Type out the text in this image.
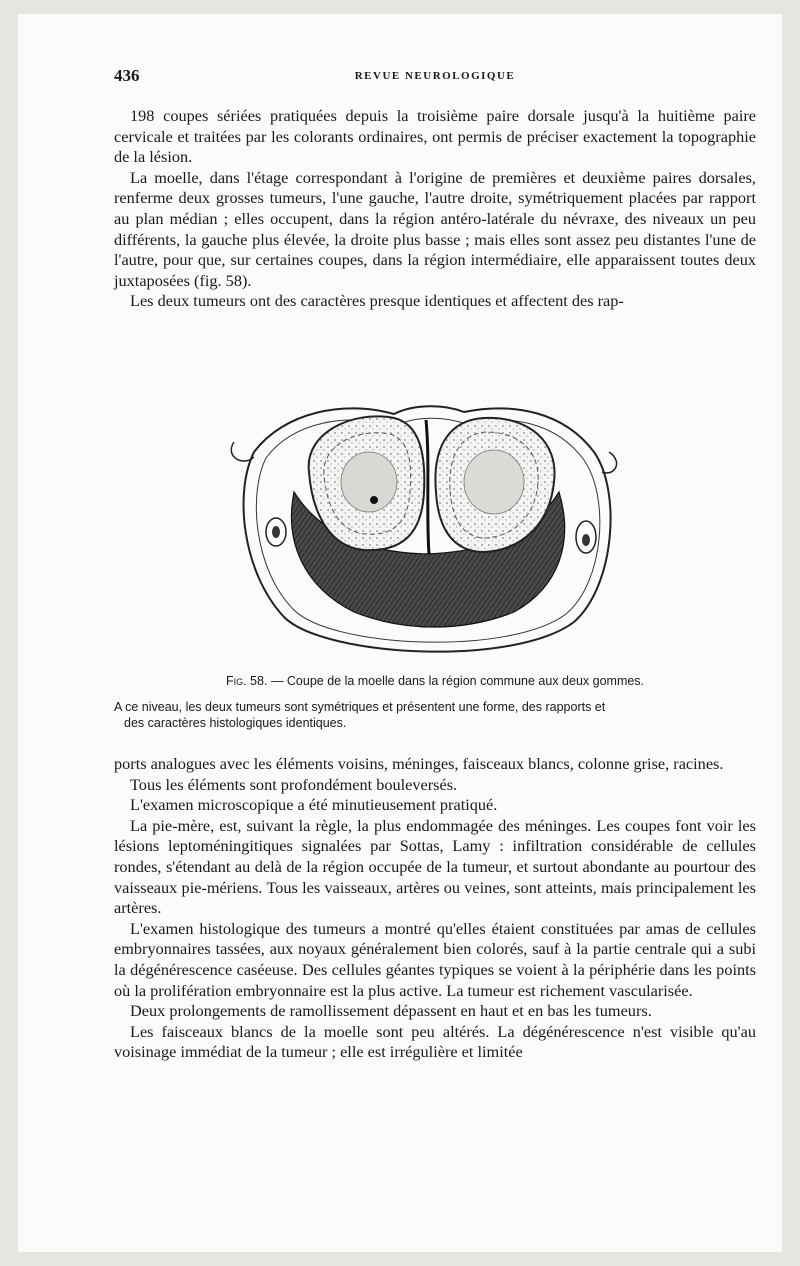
436	REVUE NEUROLOGIQUE

198 coupes sériées pratiquées depuis la troisième paire dorsale jusqu'à la huitième paire cervicale et traitées par les colorants ordinaires, ont permis de préciser exactement la topographie de la lésion.

La moelle, dans l'étage correspondant à l'origine de premières et deuxième paires dorsales, renferme deux grosses tumeurs, l'une gauche, l'autre droite, symétriquement placées par rapport au plan médian ; elles occupent, dans la région antéro-latérale du névraxe, des niveaux un peu différents, la gauche plus élevée, la droite plus basse ; mais elles sont assez peu distantes l'une de l'autre, pour que, sur certaines coupes, dans la région intermédiaire, elle apparaissent toutes deux juxtaposées (fig. 58).

Les deux tumeurs ont des caractères presque identiques et affectent des rap-

Fig. 58. — Coupe de la moelle dans la région commune aux deux gommes.
A ce niveau, les deux tumeurs sont symétriques et présentent une forme, des rapports et
des caractères histologiques identiques.

ports analogues avec les éléments voisins, méninges, faisceaux blancs, colonne grise, racines.

Tous les éléments sont profondément bouleversés.

L'examen microscopique a été minutieusement pratiqué.

La pie-mère, est, suivant la règle, la plus endommagée des méninges. Les coupes font voir les lésions leptoméningitiques signalées par Sottas, Lamy : infiltration considérable de cellules rondes, s'étendant au delà de la région occupée de la tumeur, et surtout abondante au pourtour des vaisseaux pie-mériens. Tous les vaisseaux, artères ou veines, sont atteints, mais principalement les artères.

L'examen histologique des tumeurs a montré qu'elles étaient constituées par amas de cellules embryonnaires tassées, aux noyaux généralement bien colorés, sauf à la partie centrale qui a subi la dégénérescence caséeuse. Des cellules géantes typiques se voient à la périphérie dans les points où la prolifération embryonnaire est la plus active. La tumeur est richement vascularisée.

Deux prolongements de ramollissement dépassent en haut et en bas les tumeurs.

Les faisceaux blancs de la moelle sont peu altérés. La dégénérescence n'est visible qu'au voisinage immédiat de la tumeur ; elle est irrégulière et limitée
